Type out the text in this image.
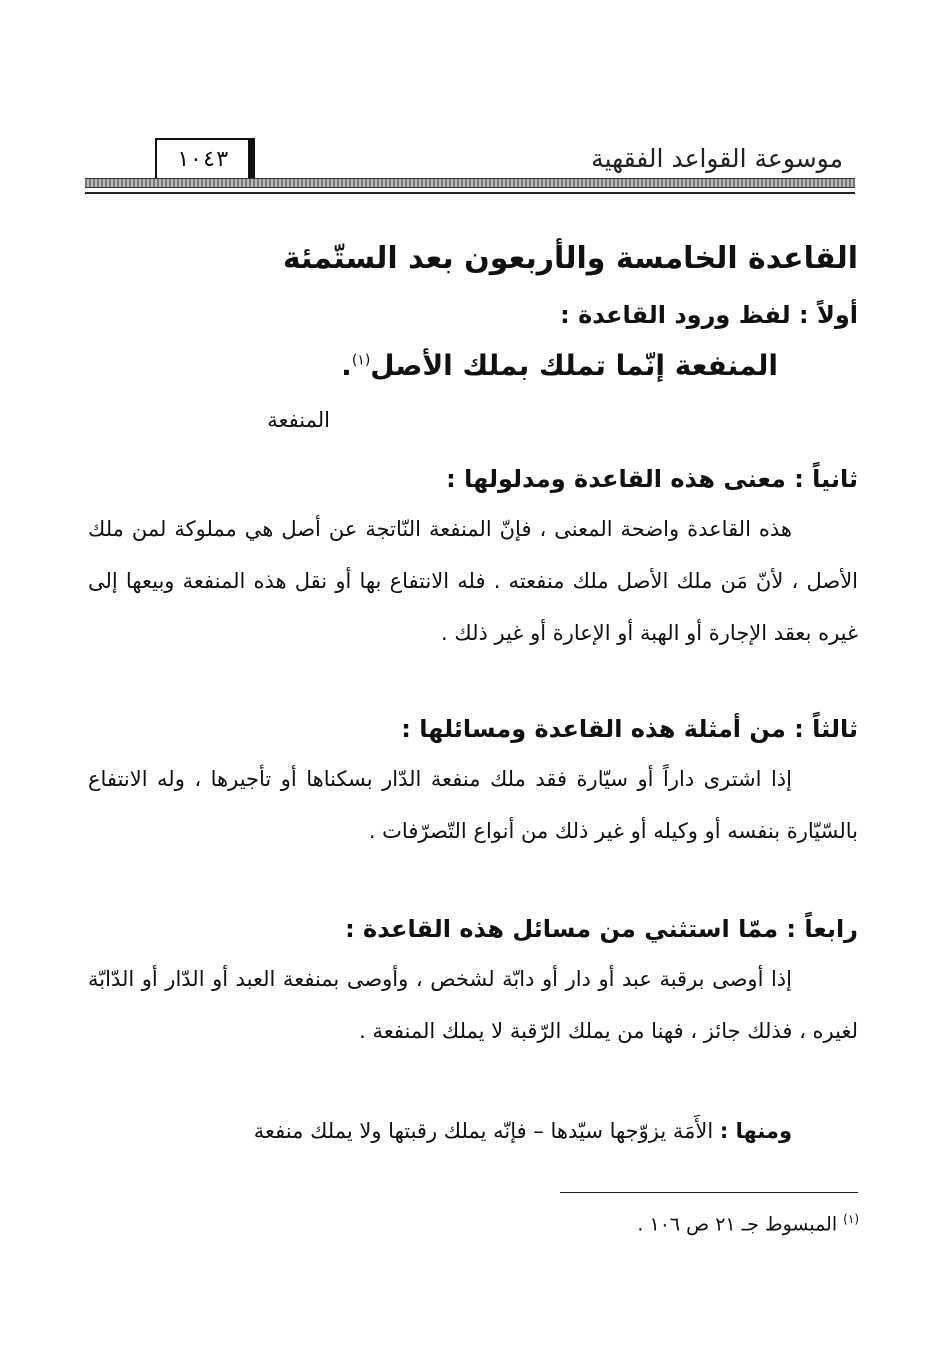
موسوعة القواعد الفقهية
١٠٤٣
القاعدة الخامسة والأربعون بعد الستّمئة
أولاً : لفظ ورود القاعدة :
المنفعة إنّما تملك بملك الأصل$^{(١)}$.
المنفعة
ثانياً : معنى هذه القاعدة ومدلولها :
هذه القاعدة واضحة المعنى ، فإنّ المنفعة النّاتجة عن أصل هي مملوكة لمن ملك الأصل ، لأنّ مَن ملك الأصل ملك منفعته . فله الانتفاع بها أو نقل هذه المنفعة وبيعها إلى غيره بعقد الإجارة أو الهبة أو الإعارة أو غير ذلك .
ثالثاً : من أمثلة هذه القاعدة ومسائلها :
إذا اشترى داراً أو سيّارة فقد ملك منفعة الدّار بسكناها أو تأجيرها ، وله الانتفاع بالسّيّارة بنفسه أو وكيله أو غير ذلك من أنواع التّصرّفات .
رابعاً : ممّا استثني من مسائل هذه القاعدة :
إذا أوصى برقبة عبد أو دار أو دابّة لشخص ، وأوصى بمنفعة العبد أو الدّار أو الدّابّة لغيره ، فذلك جائز ، فهنا من يملك الرّقبة لا يملك المنفعة .
ومنها : الأَمَة يزوّجها سيّدها – فإنّه يملك رقبتها ولا يملك منفعة
$^{(١)}$ المبسوط جـ ٢١ ص ١٠٦ .
